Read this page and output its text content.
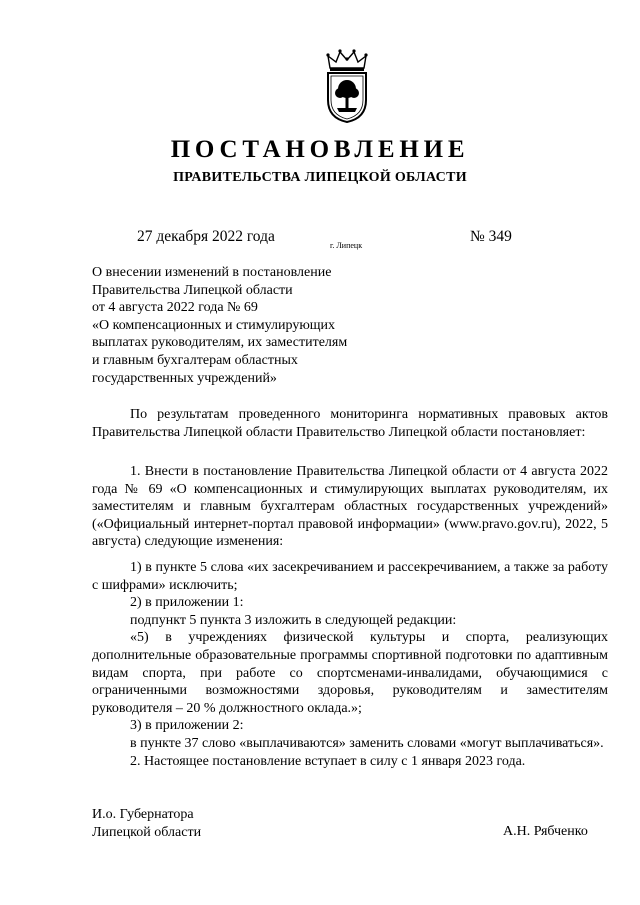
ПОСТАНОВЛЕНИЕ
ПРАВИТЕЛЬСТВА ЛИПЕЦКОЙ ОБЛАСТИ
27 декабря 2022 года
г. Липецк
№ 349
О внесении изменений в постановление
Правительства Липецкой области
от 4 августа 2022 года № 69
«О компенсационных и стимулирующих
выплатах руководителям, их заместителям
и главным бухгалтерам областных
государственных учреждений»
По результатам проведенного мониторинга нормативных правовых актов Правительства Липецкой области Правительство Липецкой области постановляет:
1. Внести в постановление Правительства Липецкой области от 4 августа 2022 года № 69 «О компенсационных и стимулирующих выплатах руководителям, их заместителям и главным бухгалтерам областных государственных учреждений» («Официальный интернет-портал правовой информации» (www.pravo.gov.ru), 2022, 5 августа) следующие изменения:
1) в пункте 5 слова «их засекречиванием и рассекречиванием, а также за работу с шифрами» исключить;
2) в приложении 1:
подпункт 5 пункта 3 изложить в следующей редакции:
«5) в учреждениях физической культуры и спорта, реализующих дополнительные образовательные программы спортивной подготовки по адаптивным видам спорта, при работе со спортсменами-инвалидами, обучающимися с ограниченными возможностями здоровья, руководителям и заместителям руководителя – 20 % должностного оклада.»;
3) в приложении 2:
в пункте 37 слово «выплачиваются» заменить словами «могут выплачиваться».
2. Настоящее постановление вступает в силу с 1 января 2023 года.
И.о. Губернатора
Липецкой области	А.Н. Рябченко
